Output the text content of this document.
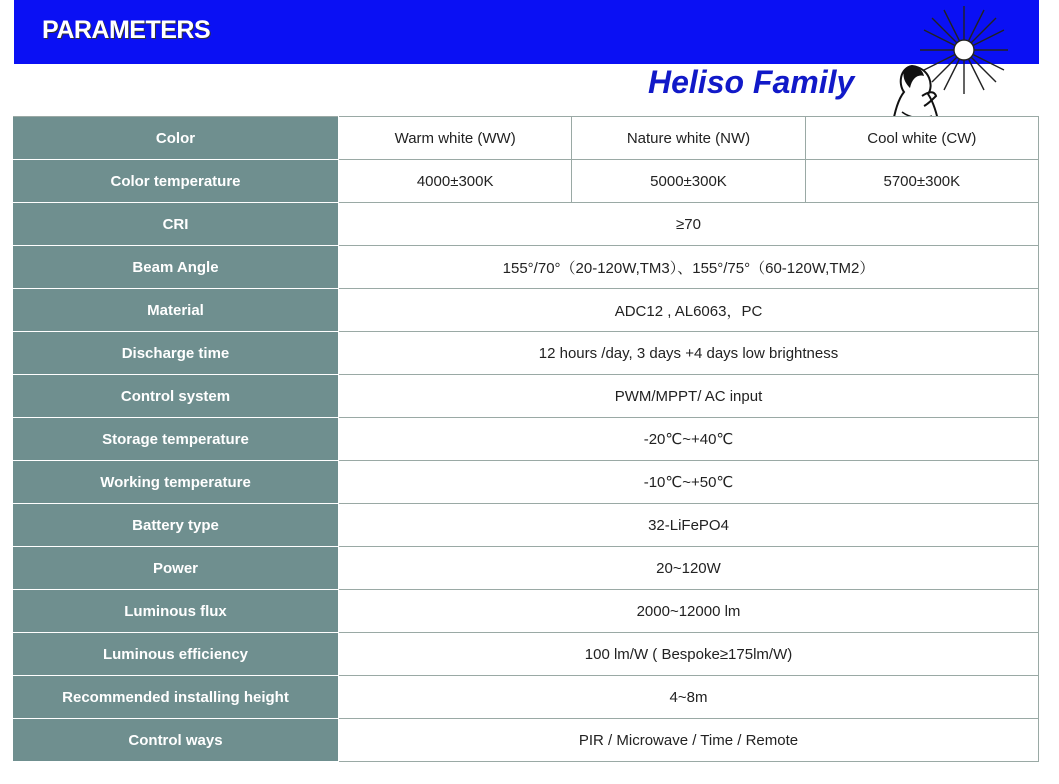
PARAMETERS
Heliso Family
Color	Warm white (WW)	Nature white (NW)	Cool white (CW)
Color temperature	4000±300K	5000±300K	5700±300K
CRI	≥70		
Beam Angle	155°/70°（20-120W,TM3）、155°/75°（60-120W,TM2）		
Material	ADC12 , AL6063，PC		
Discharge time	12 hours /day, 3 days +4 days low brightness		
Control system	PWM/MPPT/ AC input		
Storage temperature	-20℃~+40℃		
Working temperature	-10℃~+50℃		
Battery type	32-LiFePO4		
Power	20~120W		
Luminous flux	2000~12000 lm		
Luminous efficiency	100 lm/W ( Bespoke≥175lm/W)		
Recommended installing height	4~8m		
Control ways	PIR / Microwave / Time / Remote		
